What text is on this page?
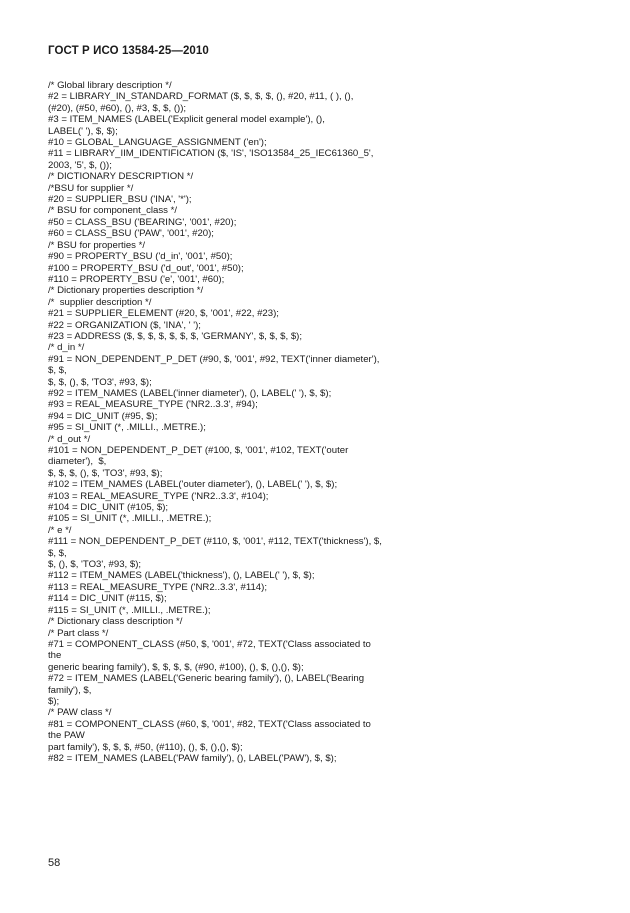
ГОСТ Р ИСО 13584-25—2010
/* Global library description */
#2 = LIBRARY_IN_STANDARD_FORMAT ($, $, $, $, (), #20, #11, ( ), (),
(#20), (#50, #60), (), #3, $, $, ());
#3 = ITEM_NAMES (LABEL('Explicit general model example'), (),
LABEL(' '), $, $);
#10 = GLOBAL_LANGUAGE_ASSIGNMENT ('en');
#11 = LIBRARY_IIM_IDENTIFICATION ($, 'IS', 'ISO13584_25_IEC61360_5',
2003, '5', $, ());
/* DICTIONARY DESCRIPTION */
/*BSU for supplier */
#20 = SUPPLIER_BSU ('INA', '*');
/* BSU for component_class */
#50 = CLASS_BSU ('BEARING', '001', #20);
#60 = CLASS_BSU ('PAW', '001', #20);
/* BSU for properties */
#90 = PROPERTY_BSU ('d_in', '001', #50);
#100 = PROPERTY_BSU ('d_out', '001', #50);
#110 = PROPERTY_BSU ('e', '001', #60);
/* Dictionary properties description */
/*  supplier description */
#21 = SUPPLIER_ELEMENT (#20, $, '001', #22, #23);
#22 = ORGANIZATION ($, 'INA', ' ');
#23 = ADDRESS ($, $, $, $, $, $, $, 'GERMANY', $, $, $, $);
/* d_in */
#91 = NON_DEPENDENT_P_DET (#90, $, '001', #92, TEXT('inner diameter'),
$, $,
$, $, (), $, 'TO3', #93, $);
#92 = ITEM_NAMES (LABEL('inner diameter'), (), LABEL(' '), $, $);
#93 = REAL_MEASURE_TYPE ('NR2..3.3', #94);
#94 = DIC_UNIT (#95, $);
#95 = SI_UNIT (*, .MILLI., .METRE.);
/* d_out */
#101 = NON_DEPENDENT_P_DET (#100, $, '001', #102, TEXT('outer
diameter'),  $,
$, $, $, (), $, 'TO3', #93, $);
#102 = ITEM_NAMES (LABEL('outer diameter'), (), LABEL(' '), $, $);
#103 = REAL_MEASURE_TYPE ('NR2..3.3', #104);
#104 = DIC_UNIT (#105, $);
#105 = SI_UNIT (*, .MILLI., .METRE.);
/* e */
#111 = NON_DEPENDENT_P_DET (#110, $, '001', #112, TEXT('thickness'), $,
$, $,
$, (), $, 'TO3', #93, $);
#112 = ITEM_NAMES (LABEL('thickness'), (), LABEL(' '), $, $);
#113 = REAL_MEASURE_TYPE ('NR2..3.3', #114);
#114 = DIC_UNIT (#115, $);
#115 = SI_UNIT (*, .MILLI., .METRE.);
/* Dictionary class description */
/* Part class */
#71 = COMPONENT_CLASS (#50, $, '001', #72, TEXT('Class associated to
the
generic bearing family'), $, $, $, $, (#90, #100), (), $, (),(), $);
#72 = ITEM_NAMES (LABEL('Generic bearing family'), (), LABEL('Bearing
family'), $,
$);
/* PAW class */
#81 = COMPONENT_CLASS (#60, $, '001', #82, TEXT('Class associated to
the PAW
part family'), $, $, $, #50, (#110), (), $, (),(), $);
#82 = ITEM_NAMES (LABEL('PAW family'), (), LABEL('PAW'), $, $);
58
